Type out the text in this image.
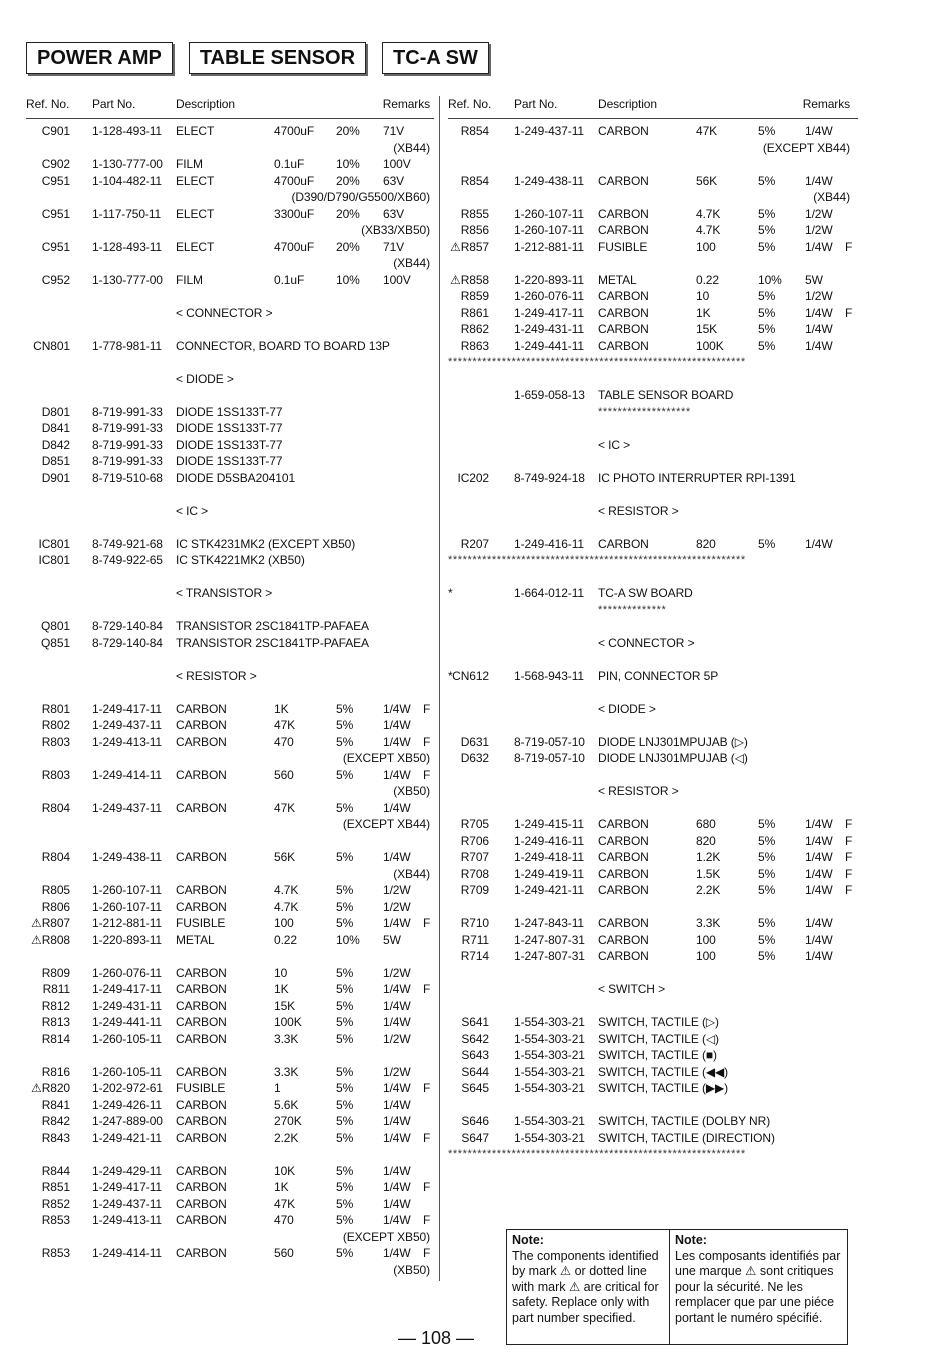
POWER AMP	TABLE SENSOR	TC-A SW
Ref. No. Part No.	Description	Remarks
C901 1-128-493-11 ELECT	4700uF 20% 71V
(XB44)
C902 1-130-777-00 FILM	0.1uF	10% 100V
C951 1-104-482-11 ELECT	4700uF 20% 63V
(D390/D790/G5500/XB60)
C951 1-117-750-11 ELECT	3300uF 20% 63V
(XB33/XB50)
C951 1-128-493-11 ELECT	4700uF 20% 71V
(XB44)
C952 1-130-777-00 FILM	0.1uF	10% 100V
< CONNECTOR >
CN801 1-778-981-11 CONNECTOR, BOARD TO BOARD 13P
< DIODE >
D801 8-719-991-33 DIODE 1SS133T-77
D841 8-719-991-33 DIODE 1SS133T-77
D842 8-719-991-33 DIODE 1SS133T-77
D851 8-719-991-33 DIODE 1SS133T-77
D901 8-719-510-68 DIODE D5SBA204101
< IC >
IC801 8-749-921-68 IC STK4231MK2 (EXCEPT XB50)
IC801 8-749-922-65 IC STK4221MK2 (XB50)
< TRANSISTOR >
Q801 8-729-140-84 TRANSISTOR 2SC1841TP-PAFAEA
Q851 8-729-140-84 TRANSISTOR 2SC1841TP-PAFAEA
< RESISTOR >
R801 1-249-417-11 CARBON	1K	5% 1/4W F
R802 1-249-437-11 CARBON	47K	5% 1/4W
R803 1-249-413-11 CARBON	470	5% 1/4W F
(EXCEPT XB50)
R803 1-249-414-11 CARBON	560	5% 1/4W F
(XB50)
R804 1-249-437-11 CARBON	47K	5% 1/4W
(EXCEPT XB44)
R804 1-249-438-11 CARBON	56K	5% 1/4W
(XB44)
R805 1-260-107-11 CARBON	4.7K	5% 1/2W
R806 1-260-107-11 CARBON	4.7K	5% 1/2W
⚠R807 1-212-881-11 FUSIBLE	100	5% 1/4W F
⚠R808 1-220-893-11 METAL	0.22	10% 5W
R809 1-260-076-11 CARBON	10	5% 1/2W
R811 1-249-417-11 CARBON	1K	5% 1/4W F
R812 1-249-431-11 CARBON	15K	5% 1/4W
R813 1-249-441-11 CARBON	100K	5% 1/4W
R814 1-260-105-11 CARBON	3.3K	5% 1/2W
R816 1-260-105-11 CARBON	3.3K	5% 1/2W
⚠R820 1-202-972-61 FUSIBLE	1	5% 1/4W F
R841 1-249-426-11 CARBON	5.6K	5% 1/4W
R842 1-247-889-00 CARBON	270K	5% 1/4W
R843 1-249-421-11 CARBON	2.2K	5% 1/4W F
R844 1-249-429-11 CARBON	10K	5% 1/4W
R851 1-249-417-11 CARBON	1K	5% 1/4W F
R852 1-249-437-11 CARBON	47K	5% 1/4W
R853 1-249-413-11 CARBON	470	5% 1/4W F
(EXCEPT XB50)
R853 1-249-414-11 CARBON	560	5% 1/4W F
(XB50)
Ref. No. Part No.	Description	Remarks
R854 1-249-437-11 CARBON	47K	5% 1/4W
(EXCEPT XB44)
R854 1-249-438-11 CARBON	56K	5% 1/4W
(XB44)
R855 1-260-107-11 CARBON	4.7K	5% 1/2W
R856 1-260-107-11 CARBON	4.7K	5% 1/2W
⚠R857 1-212-881-11 FUSIBLE	100	5% 1/4W F
⚠R858 1-220-893-11 METAL	0.22	10% 5W
R859 1-260-076-11 CARBON	10	5% 1/2W
R861 1-249-417-11 CARBON	1K	5% 1/4W F
R862 1-249-431-11 CARBON	15K	5% 1/4W
R863 1-249-441-11 CARBON	100K	5% 1/4W
*************************************************************
1-659-058-13 TABLE SENSOR BOARD
*******************
< IC >
IC202 8-749-924-18 IC PHOTO INTERRUPTER RPI-1391
< RESISTOR >
R207 1-249-416-11 CARBON	820	5% 1/4W
*************************************************************
*	1-664-012-11 TC-A SW BOARD
**************
< CONNECTOR >
* CN612 1-568-943-11 PIN, CONNECTOR 5P
< DIODE >
D631 8-719-057-10 DIODE LNJ301MPUJAB (▷)
D632 8-719-057-10 DIODE LNJ301MPUJAB (◁)
< RESISTOR >
R705 1-249-415-11 CARBON	680	5% 1/4W F
R706 1-249-416-11 CARBON	820	5% 1/4W F
R707 1-249-418-11 CARBON	1.2K	5% 1/4W F
R708 1-249-419-11 CARBON	1.5K	5% 1/4W F
R709 1-249-421-11 CARBON	2.2K	5% 1/4W F
R710 1-247-843-11 CARBON	3.3K	5% 1/4W
R711 1-247-807-31 CARBON	100	5% 1/4W
R714 1-247-807-31 CARBON	100	5% 1/4W
< SWITCH >
S641 1-554-303-21 SWITCH, TACTILE (▷)
S642 1-554-303-21 SWITCH, TACTILE (◁)
S643 1-554-303-21 SWITCH, TACTILE (■)
S644 1-554-303-21 SWITCH, TACTILE (◀◀)
S645 1-554-303-21 SWITCH, TACTILE (▶▶)
S646 1-554-303-21 SWITCH, TACTILE (DOLBY NR)
S647 1-554-303-21 SWITCH, TACTILE (DIRECTION)
*************************************************************
Note:
The components identified by mark ⚠ or dotted line with mark ⚠ are critical for safety. Replace only with part number specified.
Note:
Les composants identifiés par une marque ⚠ sont critiques pour la sécurité. Ne les remplacer que par une piéce portant le numéro spécifié.
— 108 —
